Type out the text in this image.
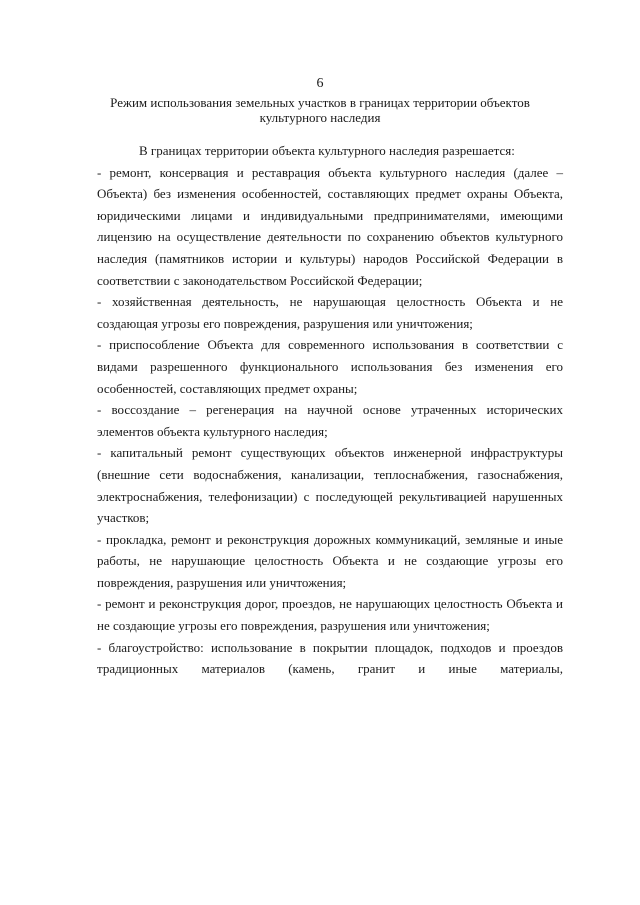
6
Режим использования земельных участков в границах территории объектов культурного наследия

В границах территории объекта культурного наследия разрешается:

- ремонт, консервация и реставрация объекта культурного наследия (далее – Объекта) без изменения особенностей, составляющих предмет охраны Объекта, юридическими лицами и индивидуальными предпринимателями, имеющими лицензию на осуществление деятельности по сохранению объектов культурного наследия (памятников истории и культуры) народов Российской Федерации в соответствии с законодательством Российской Федерации;

- хозяйственная деятельность, не нарушающая целостность Объекта и не создающая угрозы его повреждения, разрушения или уничтожения;

- приспособление Объекта для современного использования в соответствии с видами разрешенного функционального использования без изменения его особенностей, составляющих предмет охраны;

- воссоздание – регенерация на научной основе утраченных исторических элементов объекта культурного наследия;

- капитальный ремонт существующих объектов инженерной инфраструктуры (внешние сети водоснабжения, канализации, теплоснабжения, газоснабжения, электроснабжения, телефонизации) с последующей рекультивацией нарушенных участков;

- прокладка, ремонт и реконструкция дорожных коммуникаций, земляные и иные работы, не нарушающие целостность Объекта и не создающие угрозы его повреждения, разрушения или уничтожения;

- ремонт и реконструкция дорог, проездов, не нарушающих целостность Объекта и не создающие угрозы его повреждения, разрушения или уничтожения;

- благоустройство: использование в покрытии площадок, подходов и проездов традиционных материалов (камень, гранит и иные материалы,
